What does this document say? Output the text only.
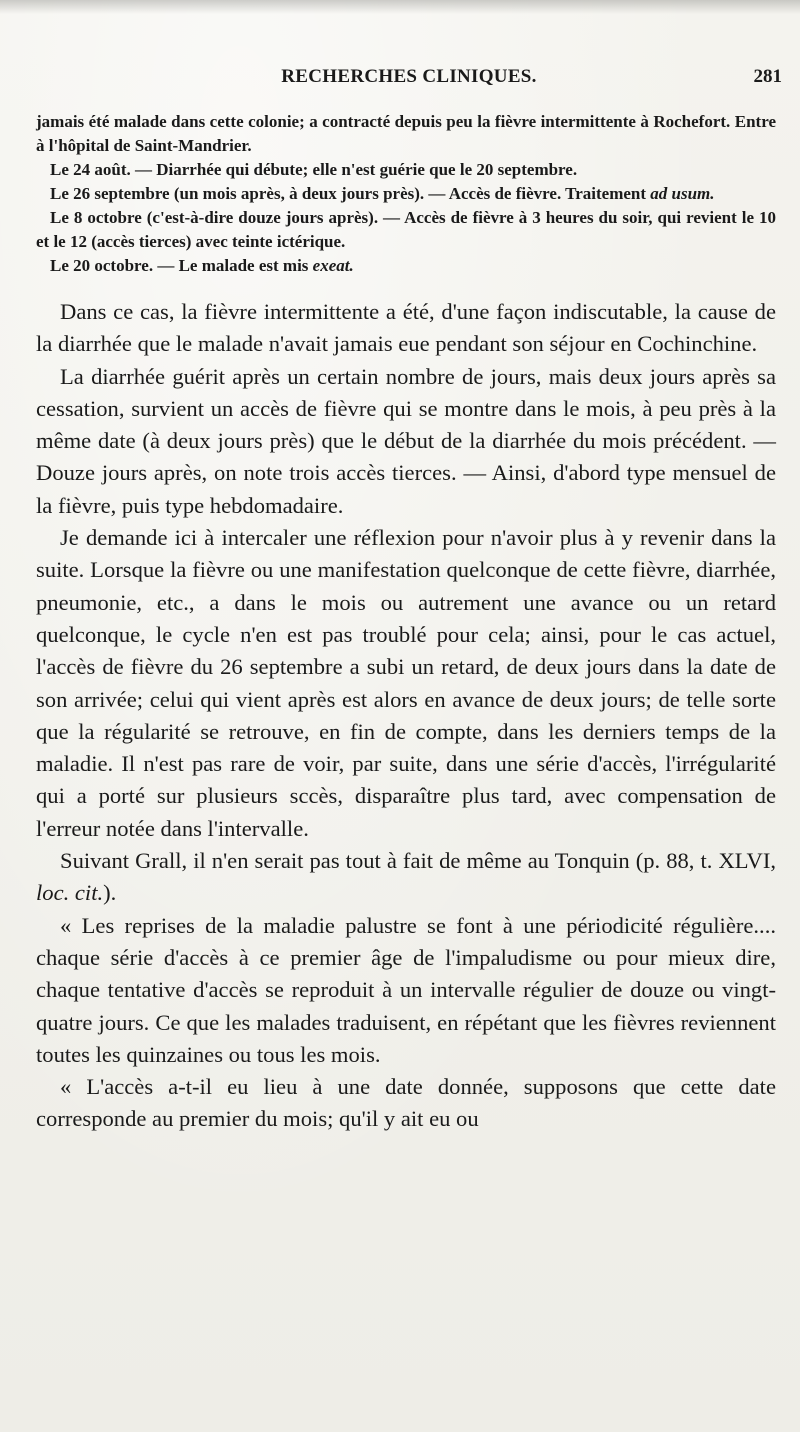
RECHERCHES CLINIQUES.	281

jamais été malade dans cette colonie; a contracté depuis peu la fièvre intermittente à Rochefort. Entre à l'hôpital de Saint-Mandrier.

Le 24 août. — Diarrhée qui débute; elle n'est guérie que le 20 septembre.

Le 26 septembre (un mois après, à deux jours près). — Accès de fièvre. Traitement ad usum.

Le 8 octobre (c'est-à-dire douze jours après). — Accès de fièvre à 3 heures du soir, qui revient le 10 et le 12 (accès tierces) avec teinte ictérique.

Le 20 octobre. — Le malade est mis exeat.

Dans ce cas, la fièvre intermittente a été, d'une façon indiscutable, la cause de la diarrhée que le malade n'avait jamais eue pendant son séjour en Cochinchine.

La diarrhée guérit après un certain nombre de jours, mais deux jours après sa cessation, survient un accès de fièvre qui se montre dans le mois, à peu près à la même date (à deux jours près) que le début de la diarrhée du mois précédent. — Douze jours après, on note trois accès tierces. — Ainsi, d'abord type mensuel de la fièvre, puis type hebdomadaire.

Je demande ici à intercaler une réflexion pour n'avoir plus à y revenir dans la suite. Lorsque la fièvre ou une manifestation quelconque de cette fièvre, diarrhée, pneumonie, etc., a dans le mois ou autrement une avance ou un retard quelconque, le cycle n'en est pas troublé pour cela; ainsi, pour le cas actuel, l'accès de fièvre du 26 septembre a subi un retard, de deux jours dans la date de son arrivée; celui qui vient après est alors en avance de deux jours; de telle sorte que la régularité se retrouve, en fin de compte, dans les derniers temps de la maladie. Il n'est pas rare de voir, par suite, dans une série d'accès, l'irrégularité qui a porté sur plusieurs sccès, disparaître plus tard, avec compensation de l'erreur notée dans l'intervalle.

Suivant Grall, il n'en serait pas tout à fait de même au Tonquin (p. 88, t. XLVI, loc. cit.).

« Les reprises de la maladie palustre se font à une périodicité régulière.... chaque série d'accès à ce premier âge de l'impaludisme ou pour mieux dire, chaque tentative d'accès se reproduit à un intervalle régulier de douze ou vingt-quatre jours. Ce que les malades traduisent, en répétant que les fièvres reviennent toutes les quinzaines ou tous les mois.

« L'accès a-t-il eu lieu à une date donnée, supposons que cette date corresponde au premier du mois; qu'il y ait eu ou
